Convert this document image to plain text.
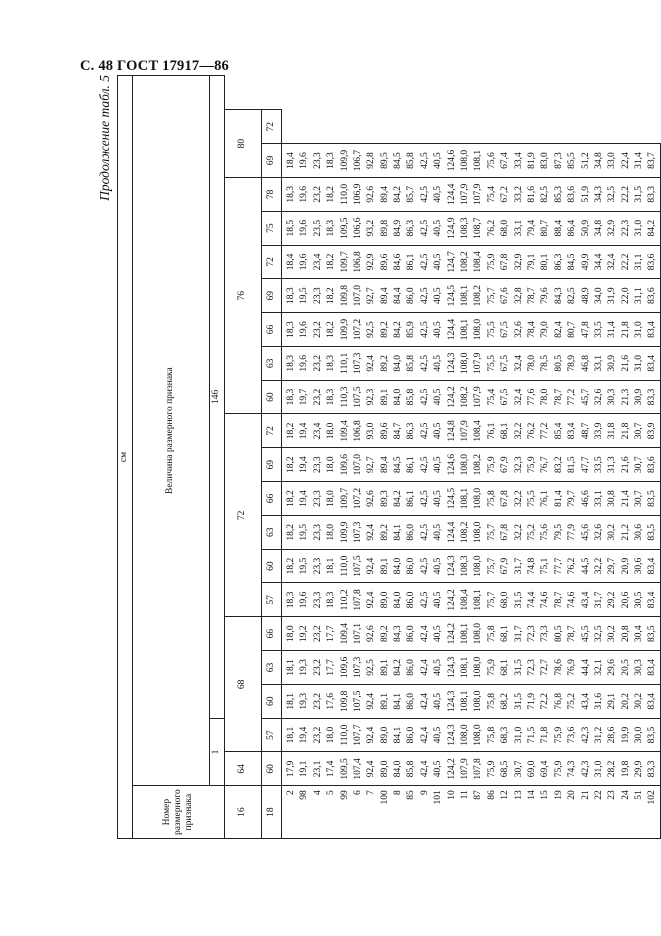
С. 48 ГОСТ 17917—86
Продолжение табл. 5
см																				
Номер размерного признака	Величина размерного признака																			
	1		146																	
16	64	68				72						76							80	
18	60	57	60	63	66	57	60	63	66	69	72	60	63	66	69	72	75	78	69	72
2	17,9	18,1	18,1	18,1	18,0	18,3	18,2	18,2	18,2	18,2	18,2	18,3	18,3	18,3	18,3	18,4	18,5	18,3	18,4	
98	19,1	19,4	19,3	19,3	19,2	19,6	19,5	19,5	19,4	19,4	19,4	19,7	19,6	19,6	19,5	19,6	19,6	19,6	19,6	
4	23,1	23,2	23,2	23,2	23,2	23,3	23,3	23,3	23,3	23,3	23,4	23,2	23,2	23,2	23,3	23,4	23,5	23,2	23,3	
5	17,4	18,0	17,6	17,7	17,7	18,3	18,1	18,0	18,0	18,0	18,0	18,3	18,3	18,2	18,2	18,2	18,3	18,2	18,3	
99	109,5	110,0	109,8	109,6	109,4	110,2	110,0	109,9	109,7	109,6	109,4	110,3	110,1	109,9	109,8	109,7	109,5	110,0	109,9	
6	107,4	107,7	107,5	107,3	107,1	107,8	107,5	107,3	107,2	107,0	106,8	107,5	107,3	107,2	107,0	106,8	106,6	106,9	106,7	
7	92,4	92,4	92,4	92,5	92,6	92,4	92,4	92,4	92,6	92,7	93,0	92,3	92,4	92,5	92,7	92,9	93,2	92,6	92,8	
100	89,0	89,0	89,1	89,1	89,2	89,0	89,1	89,2	89,3	89,4	89,6	89,1	89,2	89,2	89,4	89,6	89,8	89,4	89,5	
8	84,0	84,1	84,1	84,2	84,3	84,0	84,0	84,1	84,2	84,5	84,7	84,0	84,0	84,2	84,4	84,6	84,9	84,2	84,5	
85	85,8	86,0	86,0	86,0	86,0	86,0	86,0	86,0	86,1	86,1	86,3	85,8	85,8	85,9	86,0	86,1	86,3	85,7	85,8	
9	42,4	42,4	42,4	42,4	42,4	42,5	42,5	42,5	42,5	42,5	42,5	42,5	42,5	42,5	42,5	42,5	42,5	42,5	42,5	
101	40,5	40,5	40,5	40,5	40,5	40,5	40,5	40,5	40,5	40,5	40,5	40,5	40,5	40,5	40,5	40,5	40,5	40,5	40,5	
10	124,2	124,3	124,3	124,3	124,2	124,2	124,3	124,4	124,5	124,6	124,8	124,2	124,3	124,4	124,5	124,7	124,9	124,4	124,6	
11	107,9	108,0	108,1	108,1	108,1	108,4	108,3	108,2	108,1	108,0	107,9	108,2	108,0	108,1	108,1	108,2	108,3	107,9	108,0	
87	107,8	108,0	108,0	108,0	108,0	108,1	108,0	108,0	108,0	108,2	108,4	107,9	107,9	108,0	108,2	108,4	108,7	107,9	108,1	
86	75,9	75,8	75,8	75,9	75,8	75,7	75,7	75,7	75,8	75,9	76,1	75,4	75,5	75,5	75,7	75,9	76,2	75,4	75,6	
12	68,5	68,3	68,2	68,1	68,1	68,0	67,9	67,8	67,8	67,9	68,1	67,5	67,5	67,5	67,6	67,8	68,0	67,2	67,4	
13	30,7	31,0	31,5	31,5	31,7	31,5	31,7	32,2	32,2	32,3	32,2	32,4	32,4	32,6	32,8	32,9	33,1	33,2	33,4	
14	69,0	71,5	71,9	72,3	72,3	74,4	74,8	75,2	75,5	75,9	76,2	77,6	78,0	78,4	78,7	79,1	79,4	81,6	81,9	
15	69,4	71,8	72,2	72,7	73,3	74,6	75,1	75,6	76,1	76,7	77,2	78,0	78,5	79,0	79,6	80,1	80,7	82,5	83,0	
19	75,9	75,9	76,8	78,6	80,5	78,7	77,7	79,5	81,4	83,2	85,4	78,7	80,5	82,4	84,3	86,3	88,4	85,3	87,3	
20	74,3	73,6	75,2	76,9	78,7	74,6	76,2	77,9	79,7	81,5	83,4	77,2	78,9	80,7	82,5	84,5	86,4	83,6	85,5	
21	42,3	42,3	43,4	44,4	45,5	43,4	44,5	45,6	46,6	47,7	48,7	45,7	46,8	47,8	48,9	49,9	50,9	51,9	51,2	
22	31,0	31,2	31,6	32,1	32,5	31,7	32,2	32,6	33,1	33,5	33,9	32,6	33,1	33,5	34,0	34,4	34,8	34,3	34,8	
23	28,2	28,6	29,1	29,6	30,2	29,2	29,7	30,2	30,8	31,3	31,8	30,3	30,9	31,4	31,9	32,4	32,9	32,5	33,0	
24	19,8	19,9	20,2	20,5	20,8	20,6	20,9	21,2	21,4	21,6	21,8	21,3	21,6	21,8	22,0	22,2	22,3	22,2	22,4	
51	29,9	30,0	30,2	30,3	30,4	30,5	30,6	30,6	30,7	30,7	30,7	30,9	31,0	31,0	31,1	31,1	31,0	31,5	31,4	
102	83,3	83,5	83,4	83,4	83,5	83,4	83,4	83,5	83,5	83,6	83,9	83,3	83,4	83,4	83,6	83,6	84,2	83,3	83,7	
